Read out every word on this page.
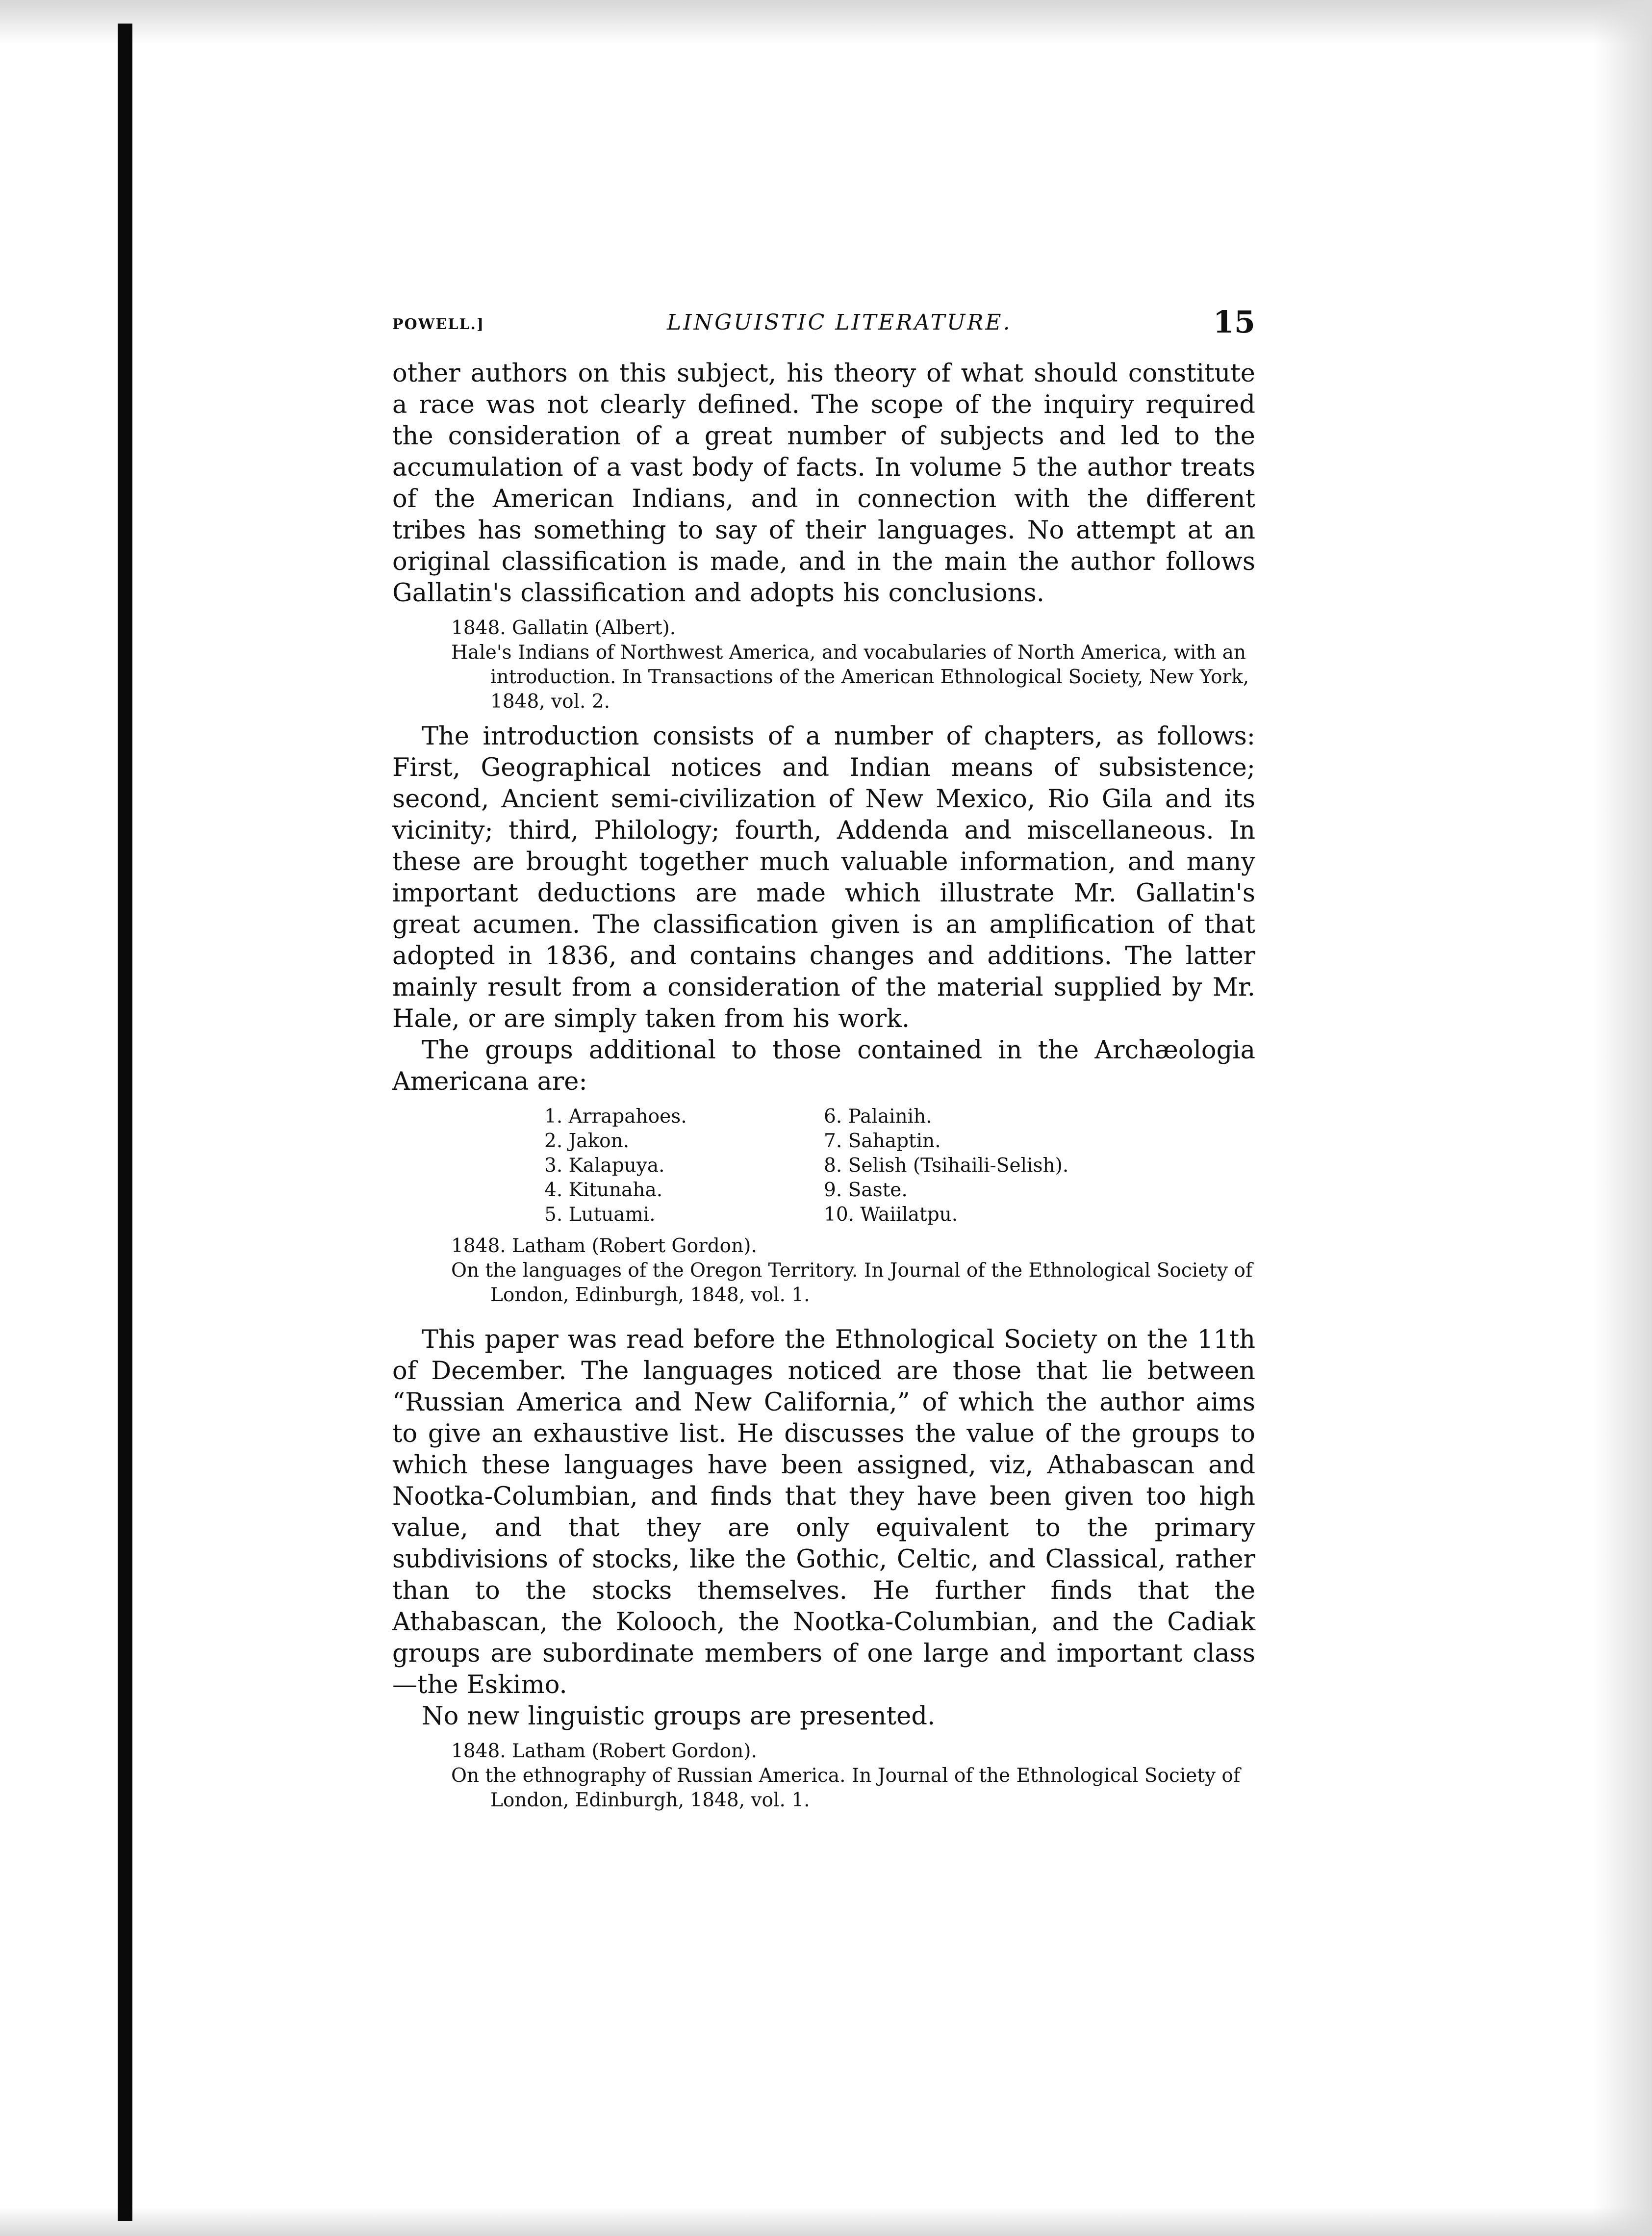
POWELL.]	LINGUISTIC LITERATURE.	15

other authors on this subject, his theory of what should constitute a race was not clearly defined. The scope of the inquiry required the consideration of a great number of subjects and led to the accumulation of a vast body of facts. In volume 5 the author treats of the American Indians, and in connection with the different tribes has something to say of their languages. No attempt at an original classification is made, and in the main the author follows Gallatin's classification and adopts his conclusions.

1848. Gallatin (Albert).

Hale's Indians of Northwest America, and vocabularies of North America, with an introduction. In Transactions of the American Ethnological Society, New York, 1848, vol. 2.

The introduction consists of a number of chapters, as follows: First, Geographical notices and Indian means of subsistence; second, Ancient semi-civilization of New Mexico, Rio Gila and its vicinity; third, Philology; fourth, Addenda and miscellaneous. In these are brought together much valuable information, and many important deductions are made which illustrate Mr. Gallatin's great acumen. The classification given is an amplification of that adopted in 1836, and contains changes and additions. The latter mainly result from a consideration of the material supplied by Mr. Hale, or are simply taken from his work.

The groups additional to those contained in the Archæologia Americana are:

1. Arrapahoes.	6. Palainih.
2. Jakon.	7. Sahaptin.
3. Kalapuya.	8. Selish (Tsihaili-Selish).
4. Kitunaha.	9. Saste.
5. Lutuami.	10. Waiilatpu.

1848. Latham (Robert Gordon).

On the languages of the Oregon Territory. In Journal of the Ethnological Society of London, Edinburgh, 1848, vol. 1.

This paper was read before the Ethnological Society on the 11th of December. The languages noticed are those that lie between “Russian America and New California,” of which the author aims to give an exhaustive list. He discusses the value of the groups to which these languages have been assigned, viz, Athabascan and Nootka-Columbian, and finds that they have been given too high value, and that they are only equivalent to the primary subdivisions of stocks, like the Gothic, Celtic, and Classical, rather than to the stocks themselves. He further finds that the Athabascan, the Kolooch, the Nootka-Columbian, and the Cadiak groups are subordinate members of one large and important class—the Eskimo.

No new linguistic groups are presented.

1848. Latham (Robert Gordon).

On the ethnography of Russian America. In Journal of the Ethnological Society of London, Edinburgh, 1848, vol. 1.
